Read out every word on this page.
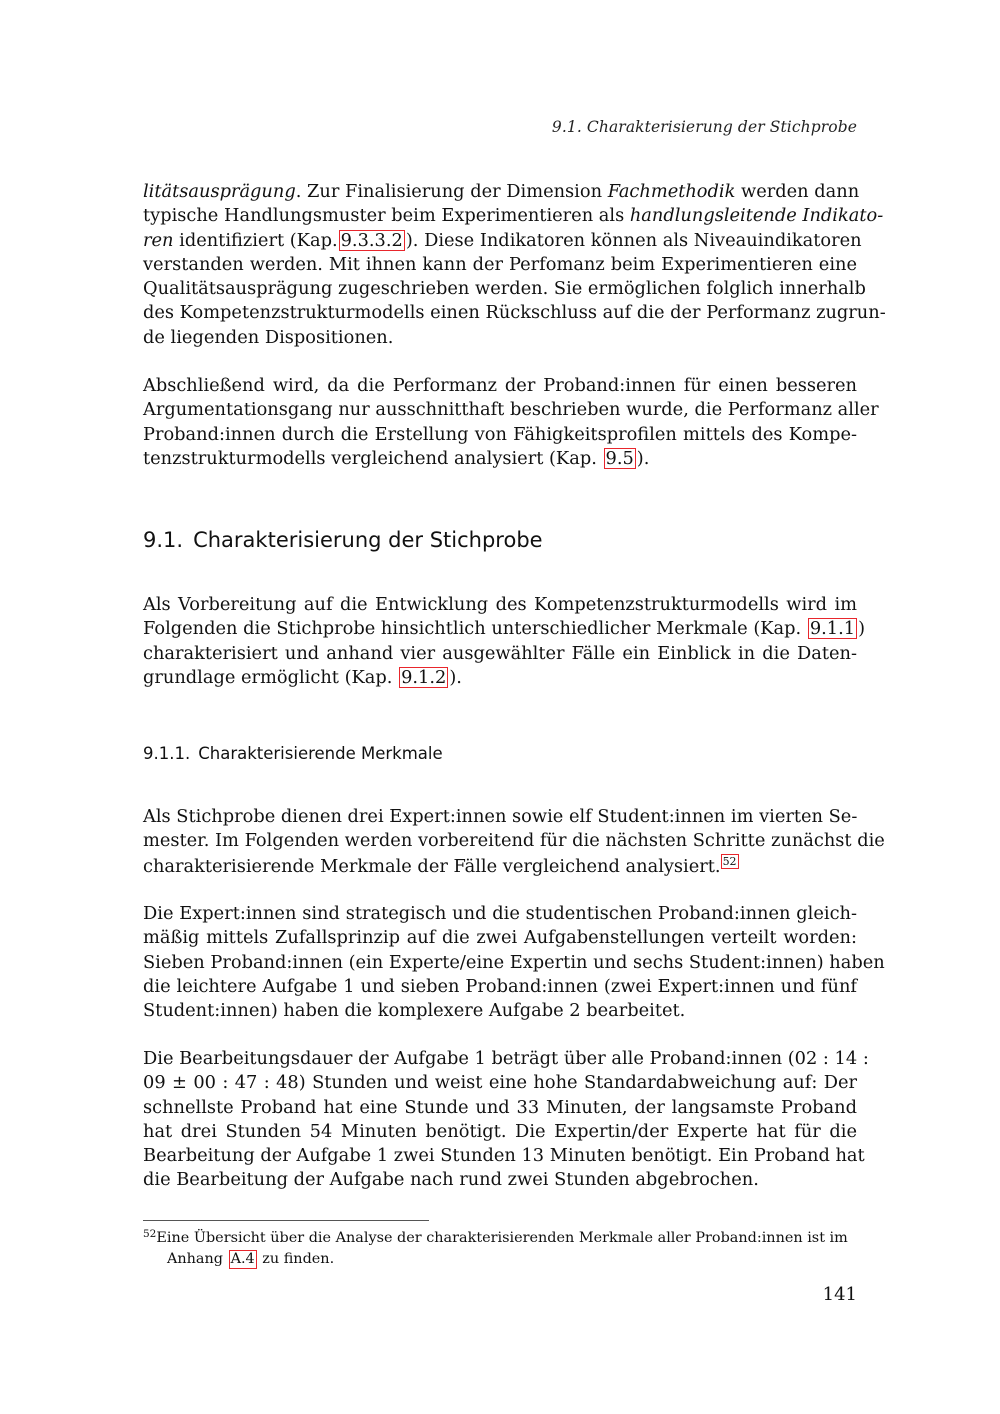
9.1. Charakterisierung der Stichprobe
litätsausprägung. Zur Finalisierung der Dimension Fachmethodik werden dann
typische Handlungsmuster beim Experimentieren als handlungsleitende Indikato-
ren identifiziert (Kap. 9.3.3.2 ). Diese Indikatoren können als Niveauindikatoren
verstanden werden. Mit ihnen kann der Perfomanz beim Experimentieren eine
Qualitätsausprägung zugeschrieben werden. Sie ermöglichen folglich innerhalb
des Kompetenzstrukturmodells einen Rückschluss auf die der Performanz zugrun-
de liegenden Dispositionen.
Abschließend wird, da die Performanz der Proband:innen für einen besseren
Argumentationsgang nur ausschnitthaft beschrieben wurde, die Performanz aller
Proband:innen durch die Erstellung von Fähigkeitsprofilen mittels des Kompe-
tenzstrukturmodells vergleichend analysiert (Kap. 9.5 ).
9.1. Charakterisierung der Stichprobe
Als Vorbereitung auf die Entwicklung des Kompetenzstrukturmodells wird im
Folgenden die Stichprobe hinsichtlich unterschiedlicher Merkmale (Kap. 9.1.1 )
charakterisiert und anhand vier ausgewählter Fälle ein Einblick in die Daten-
grundlage ermöglicht (Kap. 9.1.2 ).
9.1.1. Charakterisierende Merkmale
Als Stichprobe dienen drei Expert:innen sowie elf Student:innen im vierten Se-
mester. Im Folgenden werden vorbereitend für die nächsten Schritte zunächst die
charakterisierende Merkmale der Fälle vergleichend analysiert. 52
Die Expert:innen sind strategisch und die studentischen Proband:innen gleich-
mäßig mittels Zufallsprinzip auf die zwei Aufgabenstellungen verteilt worden:
Sieben Proband:innen (ein Experte/eine Expertin und sechs Student:innen) haben
die leichtere Aufgabe 1 und sieben Proband:innen (zwei Expert:innen und fünf
Student:innen) haben die komplexere Aufgabe 2 bearbeitet.
Die Bearbeitungsdauer der Aufgabe 1 beträgt über alle Proband:innen (02 : 14 :
09 ± 00 : 47 : 48) Stunden und weist eine hohe Standardabweichung auf: Der
schnellste Proband hat eine Stunde und 33 Minuten, der langsamste Proband
hat drei Stunden 54 Minuten benötigt. Die Expertin/der Experte hat für die
Bearbeitung der Aufgabe 1 zwei Stunden 13 Minuten benötigt. Ein Proband hat
die Bearbeitung der Aufgabe nach rund zwei Stunden abgebrochen.
$^{52}$Eine Übersicht über die Analyse der charakterisierenden Merkmale aller Proband:innen ist im
Anhang A.4 zu finden.
141
